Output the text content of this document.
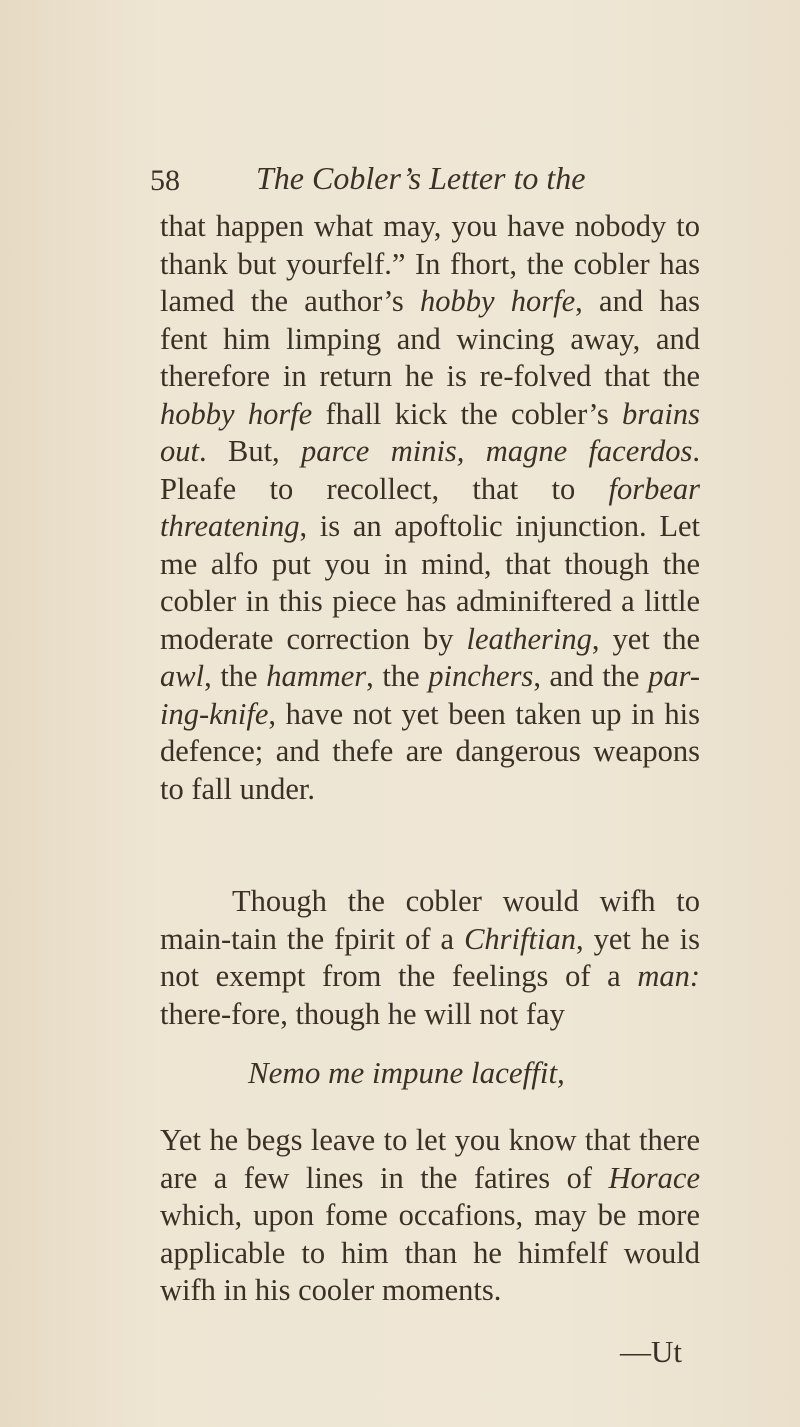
58 The Cobler’s Letter to the

that happen what may, you have nobody to thank but yourfelf.” In fhort, the cobler has lamed the author’s hobby horfe, and has fent him limping and wincing away, and therefore in return he is re-folved that the hobby horfe fhall kick the cobler’s brains out. But, parce minis, magne facerdos. Pleafe to recollect, that to forbear threatening, is an apoftolic injunction. Let me alfo put you in mind, that though the cobler in this piece has adminiftered a little moderate correction by leathering, yet the awl, the hammer, the pinchers, and the par-ing-knife, have not yet been taken up in his defence; and thefe are dangerous weapons to fall under.

Though the cobler would wifh to main-tain the fpirit of a Chriftian, yet he is not exempt from the feelings of a man: there-fore, though he will not fay

Nemo me impune laceffit,

Yet he begs leave to let you know that there are a few lines in the fatires of Horace which, upon fome occafions, may be more applicable to him than he himfelf would wifh in his cooler moments.

—Ut
